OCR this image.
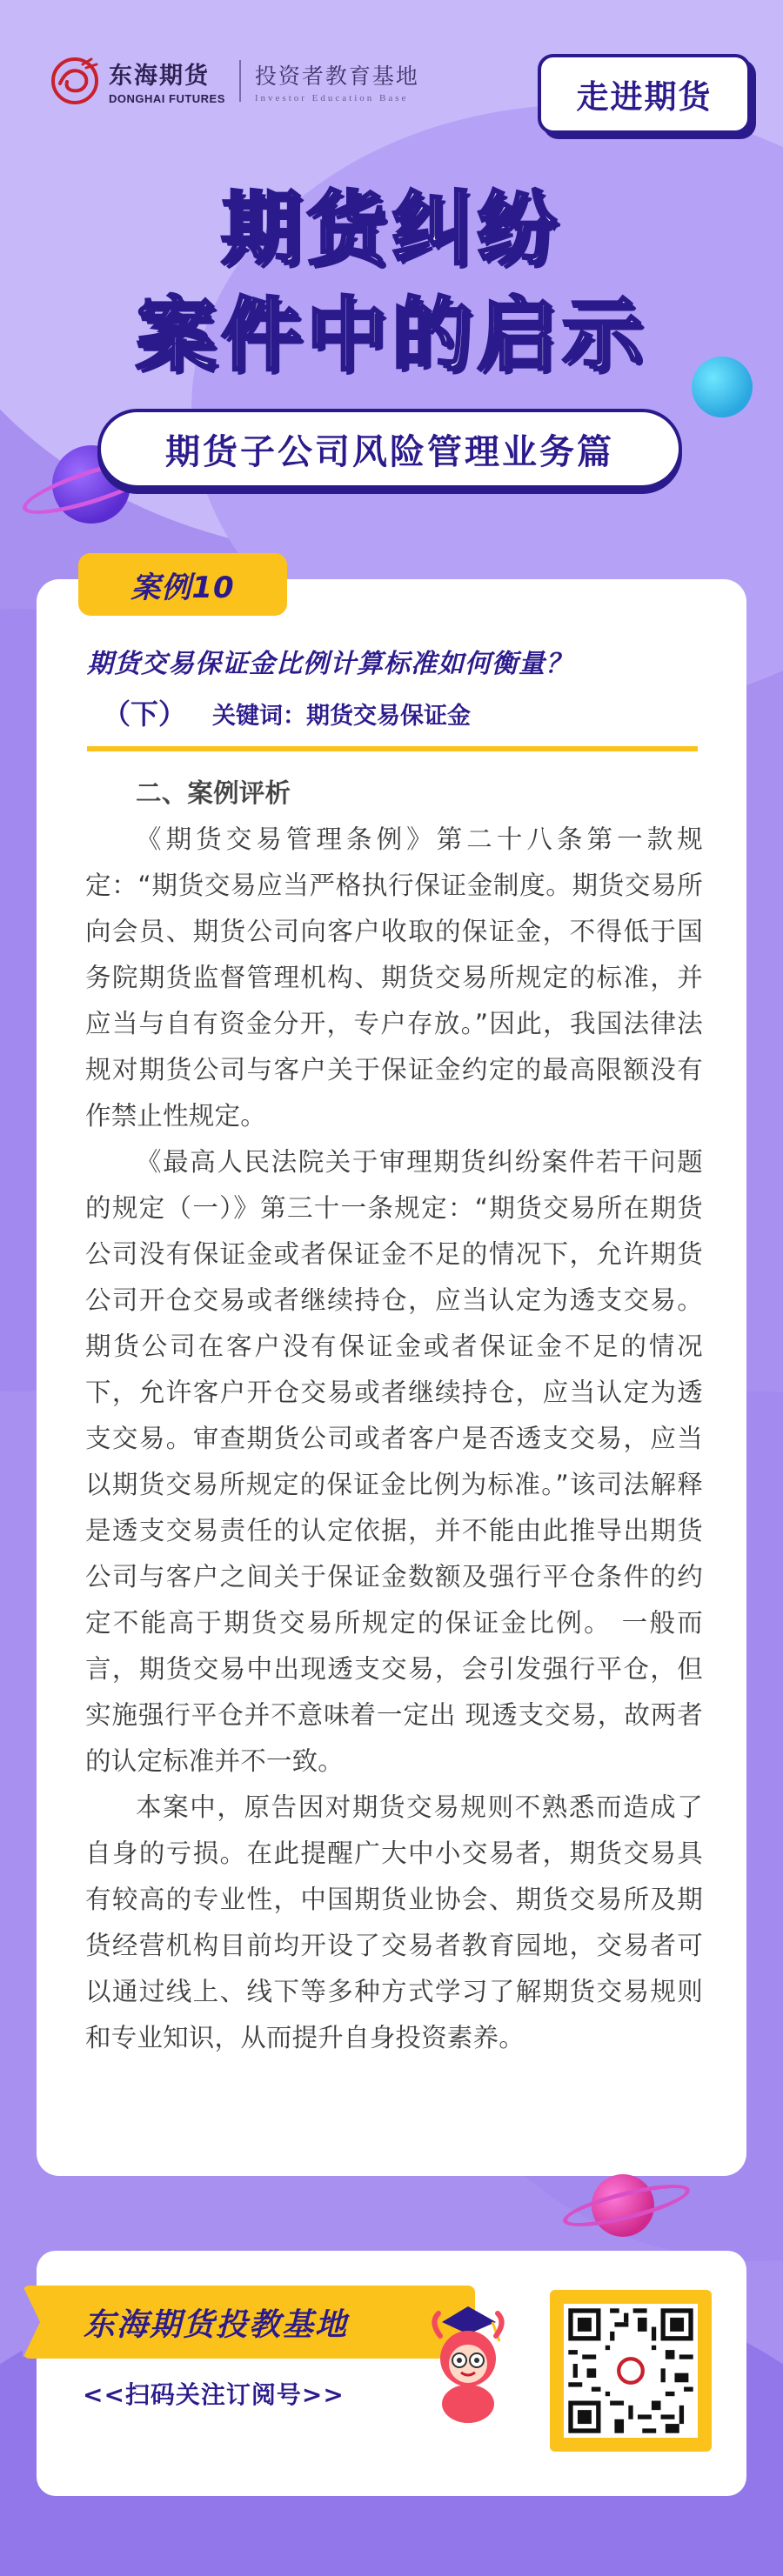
东海期货
DONGHAI FUTURES
投资者教育基地
Investor Education Base	走进期货
期货纠纷
案件中的启示
期货子公司风险管理业务篇
案例10
期货交易保证金比例计算标准如何衡量？
（下） 关键词：期货交易保证金
二、案例评析

《期货交易管理条例》第二十八条第一款规定：“期货交易应当严格执行保证金制度。期货交易所向会员、期货公司向客户收取的保证金，不得低于国务院期货监督管理机构、期货交易所规定的标准，并应当与自有资金分开，专户存放。”因此，我国法律法规对期货公司与客户关于保证金约定的最高限额没有作禁止性规定。

《最高人民法院关于审理期货纠纷案件若干问题的规定（一）》第三十一条规定：“期货交易所在期货公司没有保证金或者保证金不足的情况下，允许期货公司开仓交易或者继续持仓，应当认定为透支交易。期货公司在客户没有保证金或者保证金不足的情况下，允许客户开仓交易或者继续持仓，应当认定为透支交易。审查期货公司或者客户是否透支交易，应当以期货交易所规定的保证金比例为标准。”该司法解释是透支交易责任的认定依据，并不能由此推导出期货公司与客户之间关于保证金数额及强行平仓条件的约定不能高于期货交易所规定的保证金比例。 一般而言，期货交易中出现透支交易，会引发强行平仓，但实施强行平仓并不意味着一定出 现透支交易，故两者的认定标准并不一致。

本案中，原告因对期货交易规则不熟悉而造成了自身的亏损。在此提醒广大中小交易者，期货交易具有较高的专业性，中国期货业协会、期货交易所及期货经营机构目前均开设了交易者教育园地，交易者可以通过线上、线下等多种方式学习了解期货交易规则和专业知识，从而提升自身投资素养。

东海期货投教基地
<<扫码关注订阅号>>
